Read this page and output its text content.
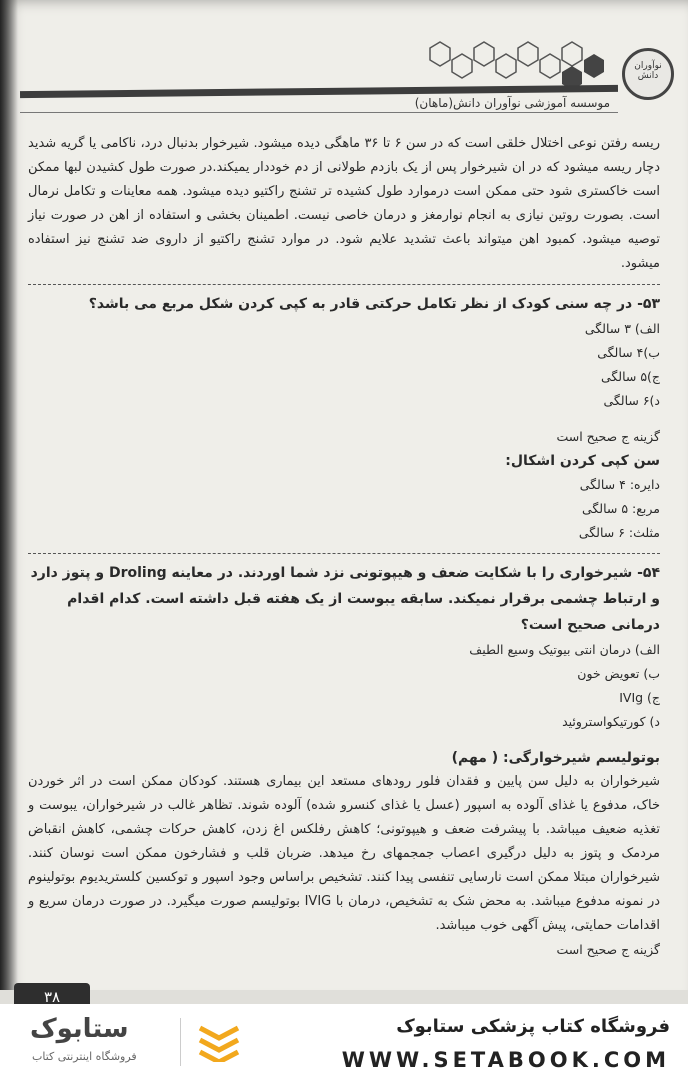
نوآوران دانش
موسسه آموزشی نوآوران دانش(ماهان)

ریسه رفتن نوعی اختلال خلقی است که در سن ۶ تا ۳۶ ماهگی دیده میشود. شیرخوار بدنبال درد، ناکامی یا گریه شدید دچار ریسه میشود که در ان شیرخوار پس از یک بازدم طولانی از دم خوددار یمیکند.در صورت طول کشیدن لبها ممکن است خاکستری شود حتی ممکن است درموارد طول کشیده تر تشنج راکتیو دیده میشود. همه معاینات و تکامل نرمال است. بصورت روتین نیازی به انجام نوارمغز و درمان خاصی نیست. اطمینان بخشی و استفاده از اهن در صورت نیاز توصیه میشود. کمبود اهن میتواند باعث تشدید علایم شود. در موارد تشنج راکتیو از داروی ضد تشنج نیز استفاده میشود.

۵۳- در چه سنی کودک از نظر تکامل حرکتی قادر به کپی کردن شکل مربع می باشد؟

الف) ۳ سالگی

ب)۴ سالگی

ج)۵ سالگی

د)۶ سالگی

گزینه ج صحیح است

سن کپی کردن اشکال:

دایره: ۴ سالگی

مربع: ۵ سالگی

مثلث: ۶ سالگی

۵۴- شیرخواری را با شکایت ضعف و هیپوتونی نزد شما اوردند. در معاینه Droling و پتوز دارد و ارتباط چشمی برقرار نمیکند. سابقه یبوست از یک هفته قبل داشته است. کدام اقدام درمانی صحیح است؟

الف) درمان انتی بیوتیک وسیع الطیف

ب) تعویض خون

ج) IVIg

د) کورتیکواستروئید

بوتولیسم شیرخوارگی: ( مهم)

شیرخواران به دلیل سن پایین و فقدان فلور رودهای مستعد این بیماری هستند. کودکان ممکن است در اثر خوردن خاک، مدفوع یا غذای آلوده به اسپور (عسل یا غذای کنسرو شده) آلوده شوند. تظاهر غالب در شیرخواران، یبوست و تغذیه ضعیف میباشد. با پیشرفت ضعف و هیپوتونی؛ کاهش رفلکس اغ زدن، کاهش حرکات چشمی، کاهش انقباض مردمک و پتوز به دلیل درگیری اعصاب جمجمهای رخ میدهد. ضربان قلب و فشارخون ممکن است نوسان کنند. شیرخواران مبتلا ممکن است نارسایی تنفسی پیدا کنند. تشخیص براساس وجود اسپور و توکسین کلستریدیوم بوتولینوم در نمونه مدفوع میباشد. به محض شک به تشخیص، درمان با IVIG بوتولیسم صورت میگیرد. در صورت درمان سریع و اقدامات حمایتی، پیش آگهی خوب میباشد.

گزینه ج صحیح است

۳۸
ستابوک
فروشگاه اینترنتی کتاب
فروشگاه کتاب پزشکی ستابوک
WWW.SETABOOK.COM
